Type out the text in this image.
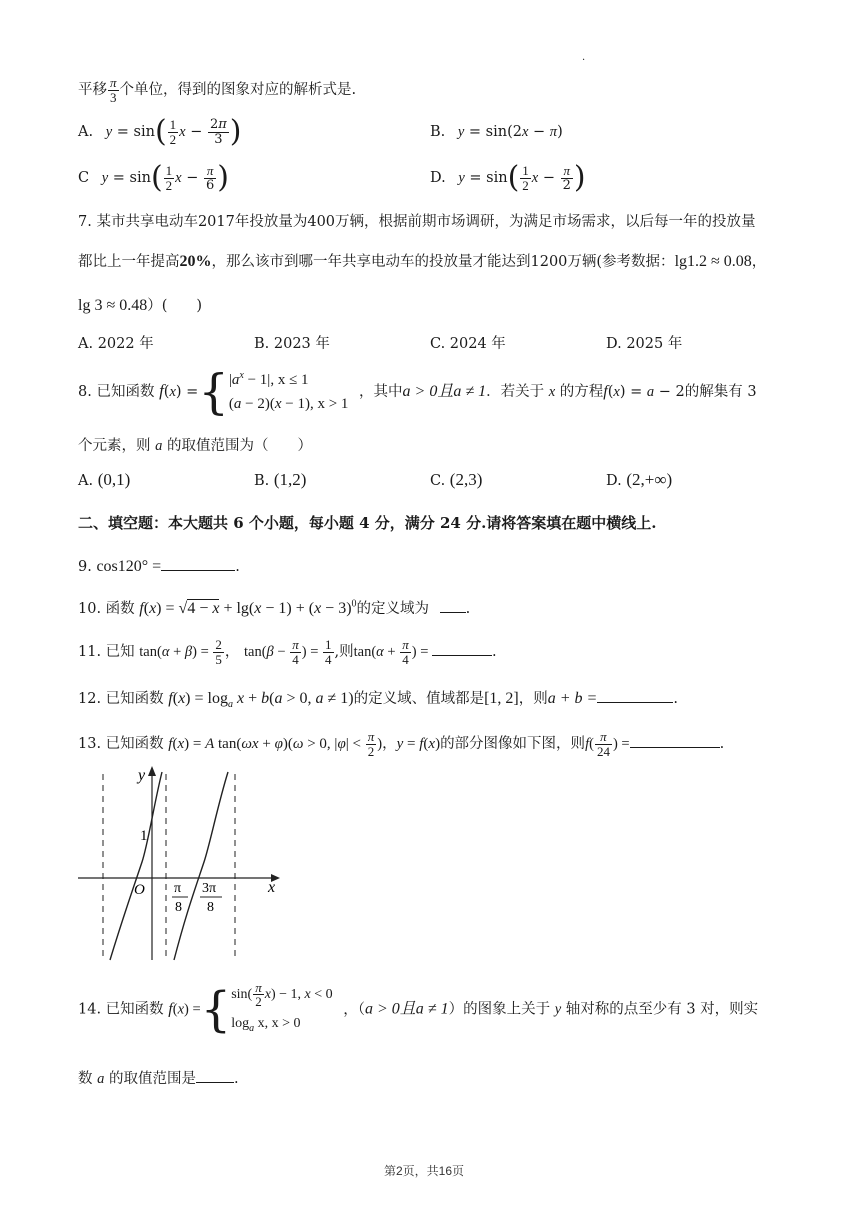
.
平移 $\frac{\pi}{3}$ 个单位，得到的图象对应的解析式是.
A. $y = \sin( \frac{1}{2}$ $x - \frac{2\pi}{3}$ )	B. y = sin(2x − π)
C $y = \sin( \frac{1}{2}$ $x - \frac{\pi}{6}$ )	D. $y = \sin( \frac{1}{2}$ $x - \frac{\pi}{2}$ )
7. 某市共享电动车2017年投放量为400万辆，根据前期市场调研，为满足市场需求，以后每一年的投放量
都比上一年提高20%，那么该市到哪一年共享电动车的投放量才能达到1200万辆(参考数据：lg1.2 ≈ 0.08，
lg 3 ≈ 0.48）(　　)
A. 2022 年	B. 2023 年	C. 2024 年	D. 2025 年
8. 已知函数 f(x) ={ $|a^x - 1|$, x ≤ 1
(a − 2)(x − 1), x > 1
，其中a > 0且a ≠ 1．若关于 x 的方程f(x) = a − 2的解集有 3
个元素，则 a 的取值范围为（　　）
A. (0,1)	B. (1,2)	C. (2,3)	D. (2,+∞)
二、填空题：本大题共 6 个小题，每小题 4 分，满分 24 分.请将答案填在题中横线上.
9. cos120° =	.
10. 函数 $f(x) = √4 - x + \lg(x - 1) + (x - 3)^0$的定义域为	.
11. 已知 $\tan(\alpha + \beta) = \frac{2}{5}$ ， $\tan(\beta - \frac{\pi}{4}$ ) = $\frac{1}{4}$ ,则$\tan(\alpha + \frac{\pi}{4}$ ) =	.
12. 已知函数 $f(x) = \log_a x + b(a > 0$, a ≠ 1)的定义域、值域都是[1, 2]，则a + b =	.
13. 已知函数 f(x) = A tan(ωx + φ)(ω > 0, $|\varphi| < \frac{\pi}{2}$ )，y = f(x)的部分图像如下图，则$f( \frac{\pi}{24}$ ) =	.
y
x
O
1
π
8
3π
8
14. 已知函数 f(x) ={ $\sin( \frac{\pi}{2} x) - 1$, x < 0
$\log_a x$, x > 0
，（a > 0且a ≠ 1）的图象上关于 y 轴对称的点至少有 3 对，则实
数 a 的取值范围是	.
第2页，共16页
